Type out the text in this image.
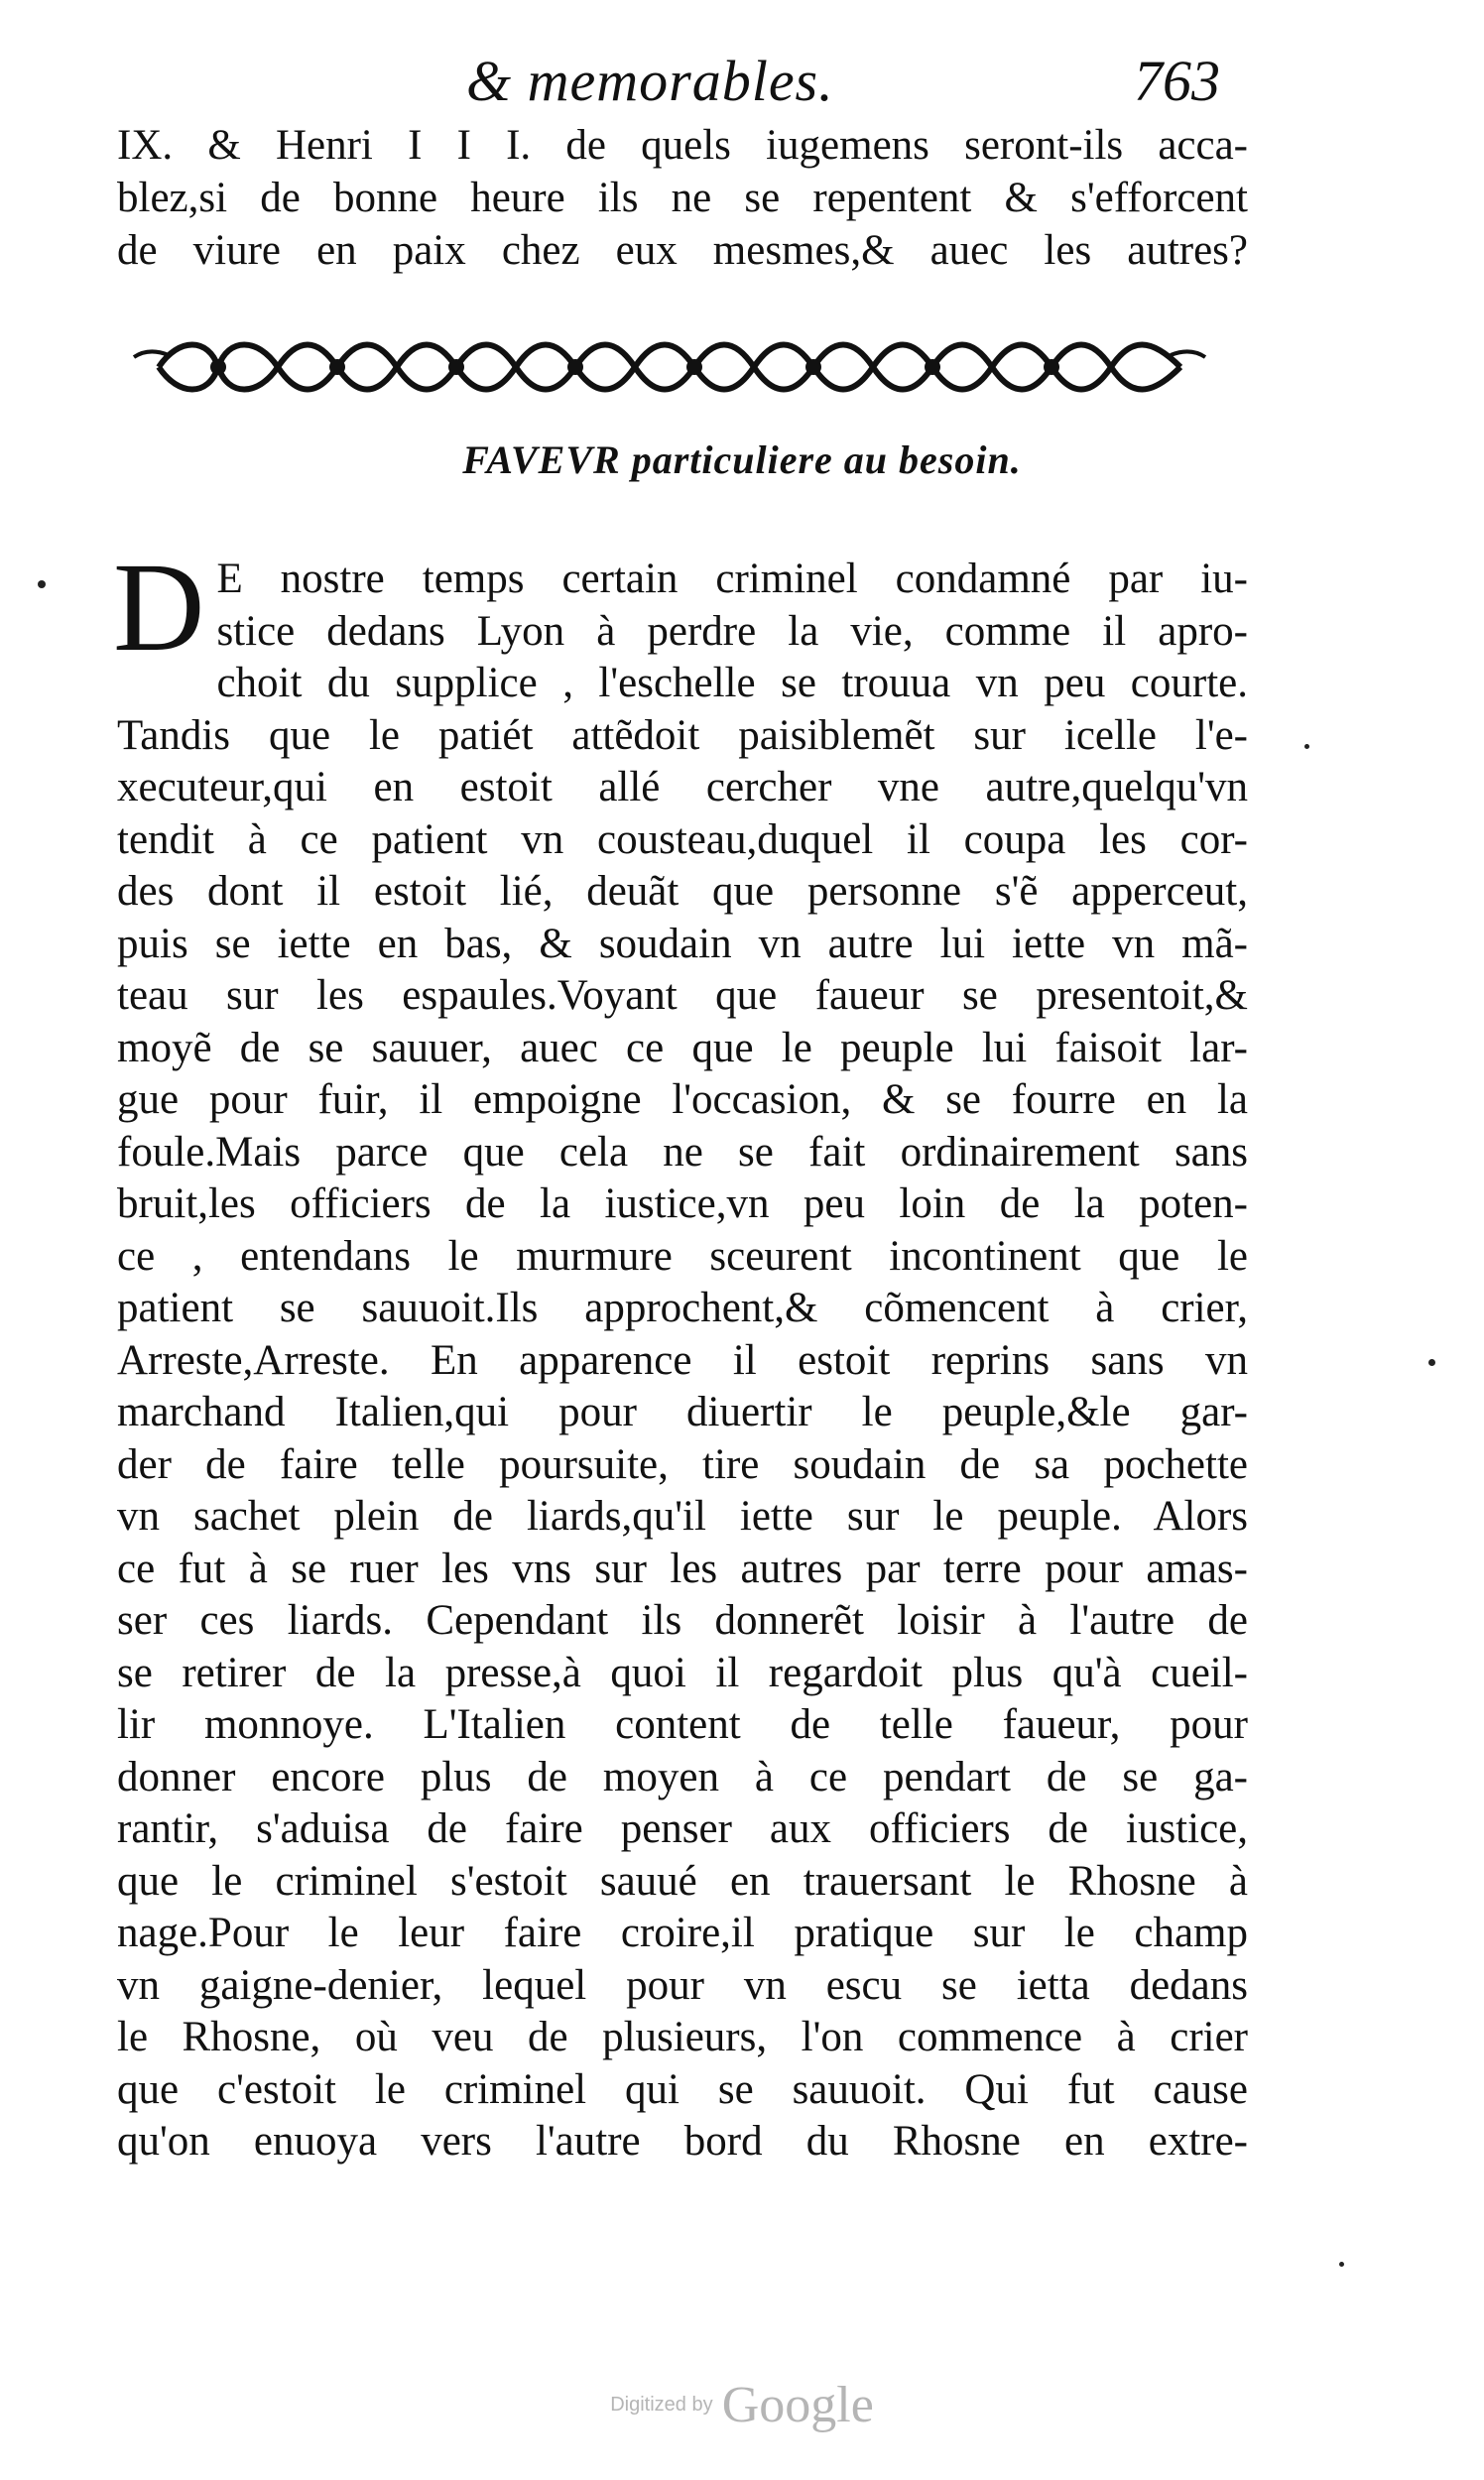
& memorables.	763
IX. & Henri I I I. de quels iugemens seront-ils acca-
blez,si de bonne heure ils ne se repentent & s'efforcent
de viure en paix chez eux mesmes,& auec les autres?
FAVEVR particuliere au besoin.
D E nostre temps certain criminel condamné par iu-
stice dedans Lyon à perdre la vie, comme il apro-
choit du supplice , l'eschelle se trouua vn peu courte.
Tandis que le patiét attẽdoit paisiblemẽt sur icelle l'e-
xecuteur,qui en estoit allé cercher vne autre,quelqu'vn
tendit à ce patient vn cousteau,duquel il coupa les cor-
des dont il estoit lié, deuãt que personne s'ẽ apperceut,
puis se iette en bas, & soudain vn autre lui iette vn mã-
teau sur les espaules.Voyant que faueur se presentoit,&
moyẽ de se sauuer, auec ce que le peuple lui faisoit lar-
gue pour fuir, il empoigne l'occasion, & se fourre en la
foule.Mais parce que cela ne se fait ordinairement sans
bruit,les officiers de la iustice,vn peu loin de la poten-
ce , entendans le murmure sceurent incontinent que le
patient se sauuoit.Ils approchent,& cõmencent à crier,
Arreste,Arreste. En apparence il estoit reprins sans vn
marchand Italien,qui pour diuertir le peuple,&le gar-
der de faire telle poursuite, tire soudain de sa pochette
vn sachet plein de liards,qu'il iette sur le peuple. Alors
ce fut à se ruer les vns sur les autres par terre pour amas-
ser ces liards. Cependant ils donnerẽt loisir à l'autre de
se retirer de la presse,à quoi il regardoit plus qu'à cueil-
lir monnoye. L'Italien content de telle faueur, pour
donner encore plus de moyen à ce pendart de se ga-
rantir, s'aduisa de faire penser aux officiers de iustice,
que le criminel s'estoit sauué en trauersant le Rhosne à
nage.Pour le leur faire croire,il pratique sur le champ
vn gaigne-denier, lequel pour vn escu se ietta dedans
le Rhosne, où veu de plusieurs, l'on commence à crier
que c'estoit le criminel qui se sauuoit. Qui fut cause
qu'on enuoya vers l'autre bord du Rhosne en extre-
Digitized by Google
